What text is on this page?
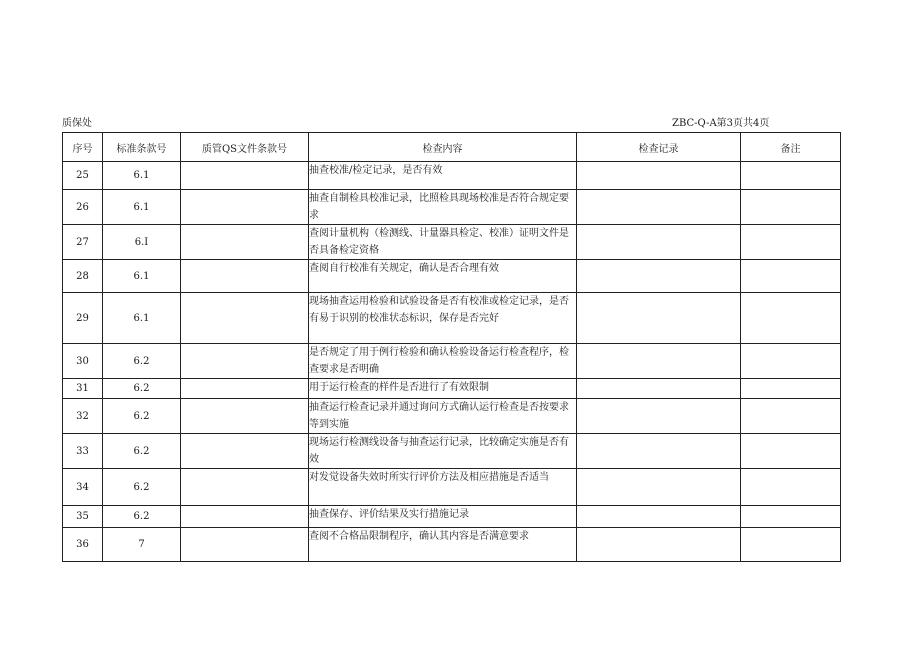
质保处	ZBC-Q-A第3页共4页
序号	标准条款号	质管QS文件条款号	检查内容	检查记录	备注
25	6.1		抽查校准/检定记录，是否有效		
26	6.1		抽查自制检具校准记录，比照检具现场校准是否符合规定要求		
27	6.I		查阅计量机构（检测线、计量器具检定、校准）证明文件是否具备检定资格		
28	6.1		查阅自行校准有关规定，确认是否合理有效		
29	6.1		现场抽查运用检验和试验设备是否有校准或检定记录，是否有易于识别的校准状态标识，保存是否完好		
30	6.2		是否规定了用于例行检验和确认检验设备运行检查程序，检查要求是否明确		
31	6.2		用于运行检查的样件是否进行了有效限制		
32	6.2		抽查运行检查记录并通过询问方式确认运行检查是否按要求等到实施		
33	6.2		现场运行检测线设备与抽查运行记录，比较确定实施是否有效		
34	6.2		对发觉设备失效时所实行评价方法及相应措施是否适当		
35	6.2		抽查保存、评价结果及实行措施记录		
36	7		查阅不合格品限制程序，确认其内容是否满意要求		
